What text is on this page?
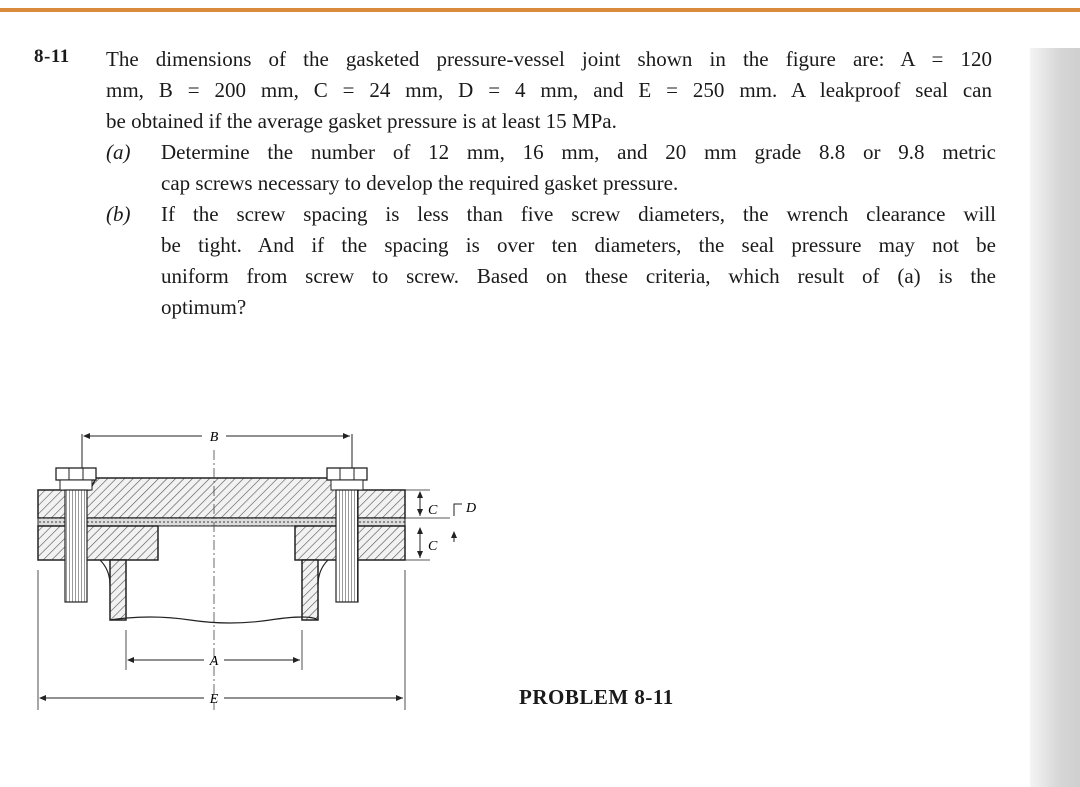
8-11 The dimensions of the gasketed pressure-vessel joint shown in the figure are: A = 120
mm, B = 200 mm, C = 24 mm, D = 4 mm, and E = 250 mm. A leakproof seal can
be obtained if the average gasket pressure is at least 15 MPa.
(a) Determine the number of 12 mm, 16 mm, and 20 mm grade 8.8 or 9.8 metric
cap screws necessary to develop the required gasket pressure.
(b) If the screw spacing is less than five screw diameters, the wrench clearance will
be tight. And if the spacing is over ten diameters, the seal pressure may not be
uniform from screw to screw. Based on these criteria, which result of (a) is the
optimum?
B
C
C
D
A
E	PROBLEM 8-11
